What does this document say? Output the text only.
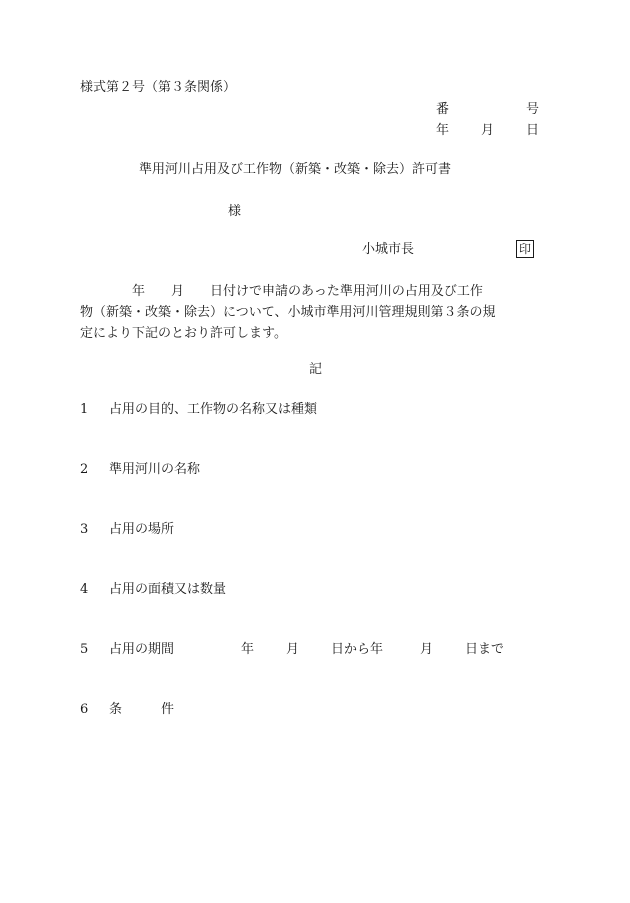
様式第２号（第３条関係）
番	号
年 月 日
準用河川占用及び工作物（新築・改築・除去）許可書
様
小城市長	印
　　　　年　　月　　日付けで申請のあった準用河川の占用及び工作
物（新築・改築・除去）について、小城市準用河川管理規則第３条の規
定により下記のとおり許可します。
記
1 占用の目的、工作物の名称又は種類
2 準用河川の名称
3 占用の場所
4 占用の面積又は数量
5 占用の期間	年 月 日から年	月 日まで
6 条　　　件
